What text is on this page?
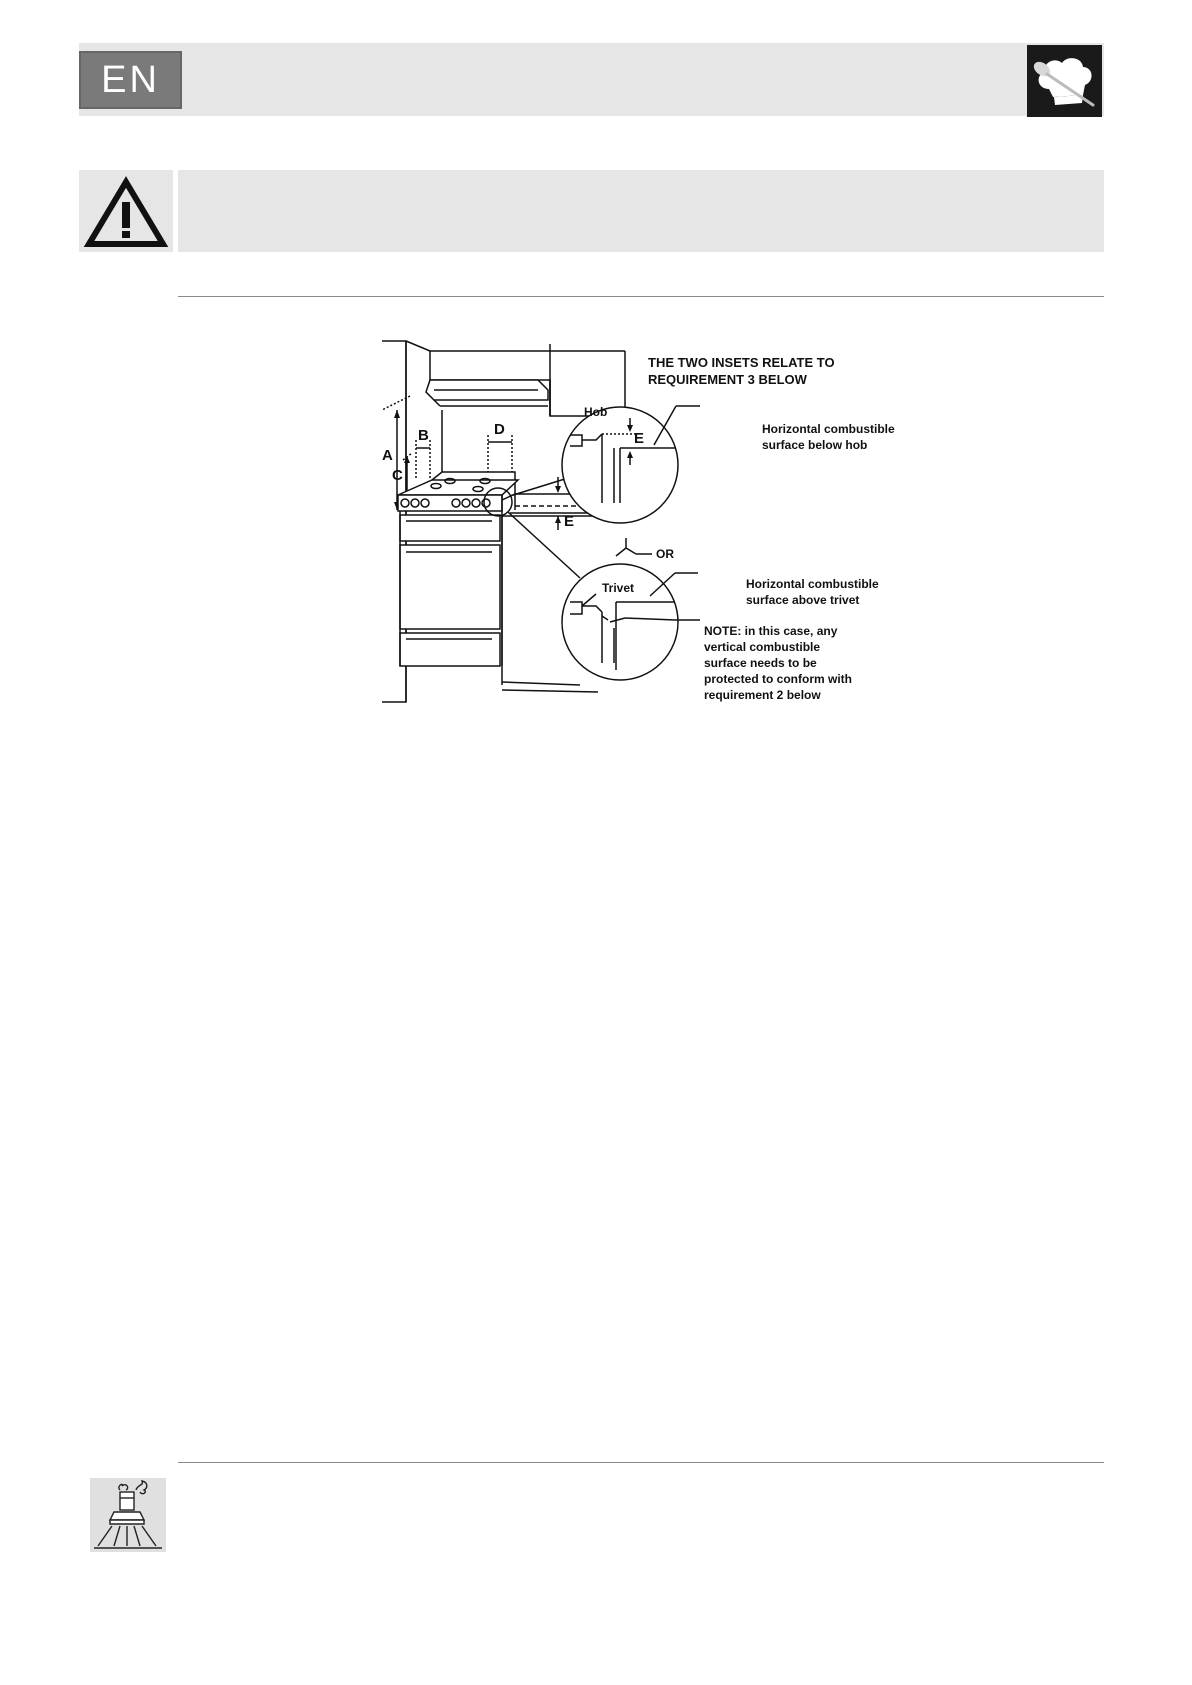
EN
A
B
C
D
E
Hob
E
OR
Trivet
THE TWO INSETS RELATE TO
REQUIREMENT 3 BELOW
Horizontal combustible
surface below hob
Horizontal combustible
surface above trivet
NOTE: in this case, any
vertical combustible
surface needs to be
protected to conform with
requirement 2 below
